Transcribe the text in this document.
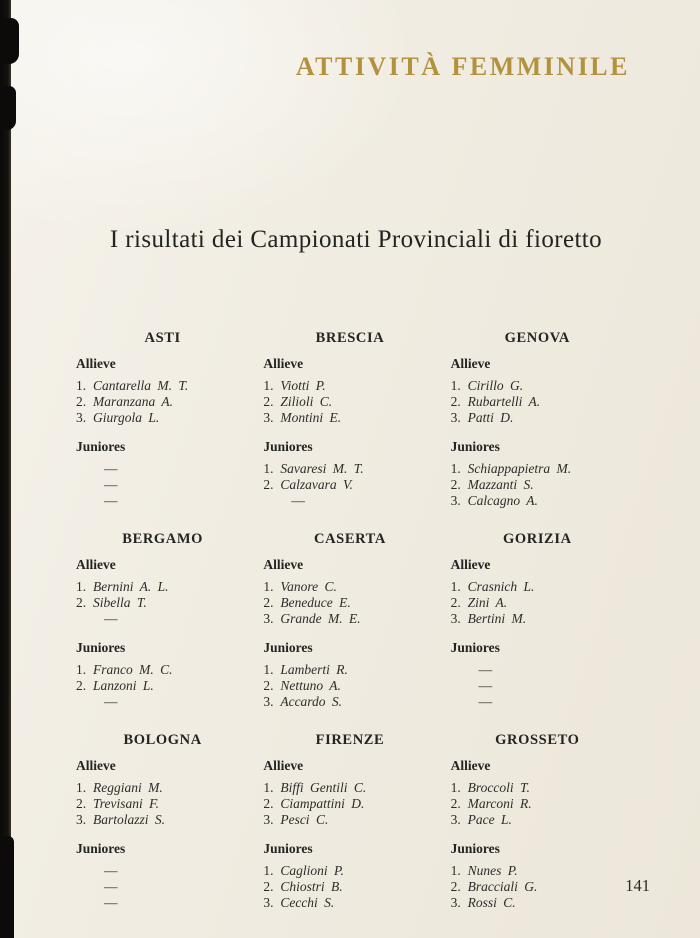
ATTIVITÀ FEMMINILE
I risultati dei Campionati Provinciali di fioretto
ASTI
Allieve
1. Cantarella M. T.
2. Maranzana A.
3. Giurgola L.
Juniores
—
—
—
BRESCIA
Allieve
1. Viotti P.
2. Zilioli C.
3. Montini E.
Juniores
1. Savaresi M. T.
2. Calzavara V.
—
GENOVA
Allieve
1. Cirillo G.
2. Rubartelli A.
3. Patti D.
Juniores
1. Schiappapietra M.
2. Mazzanti S.
3. Calcagno A.
BERGAMO
Allieve
1. Bernini A. L.
2. Sibella T.
—
Juniores
1. Franco M. C.
2. Lanzoni L.
—
CASERTA
Allieve
1. Vanore C.
2. Beneduce E.
3. Grande M. E.
Juniores
1. Lamberti R.
2. Nettuno A.
3. Accardo S.
GORIZIA
Allieve
1. Crasnich L.
2. Zini A.
3. Bertini M.
Juniores
—
—
—
BOLOGNA
Allieve
1. Reggiani M.
2. Trevisani F.
3. Bartolazzi S.
Juniores
—
—
—
FIRENZE
Allieve
1. Biffi Gentili C.
2. Ciampattini D.
3. Pesci C.
Juniores
1. Caglioni P.
2. Chiostri B.
3. Cecchi S.
GROSSETO
Allieve
1. Broccoli T.
2. Marconi R.
3. Pace L.
Juniores
1. Nunes P.
2. Bracciali G.
3. Rossi C.
141
